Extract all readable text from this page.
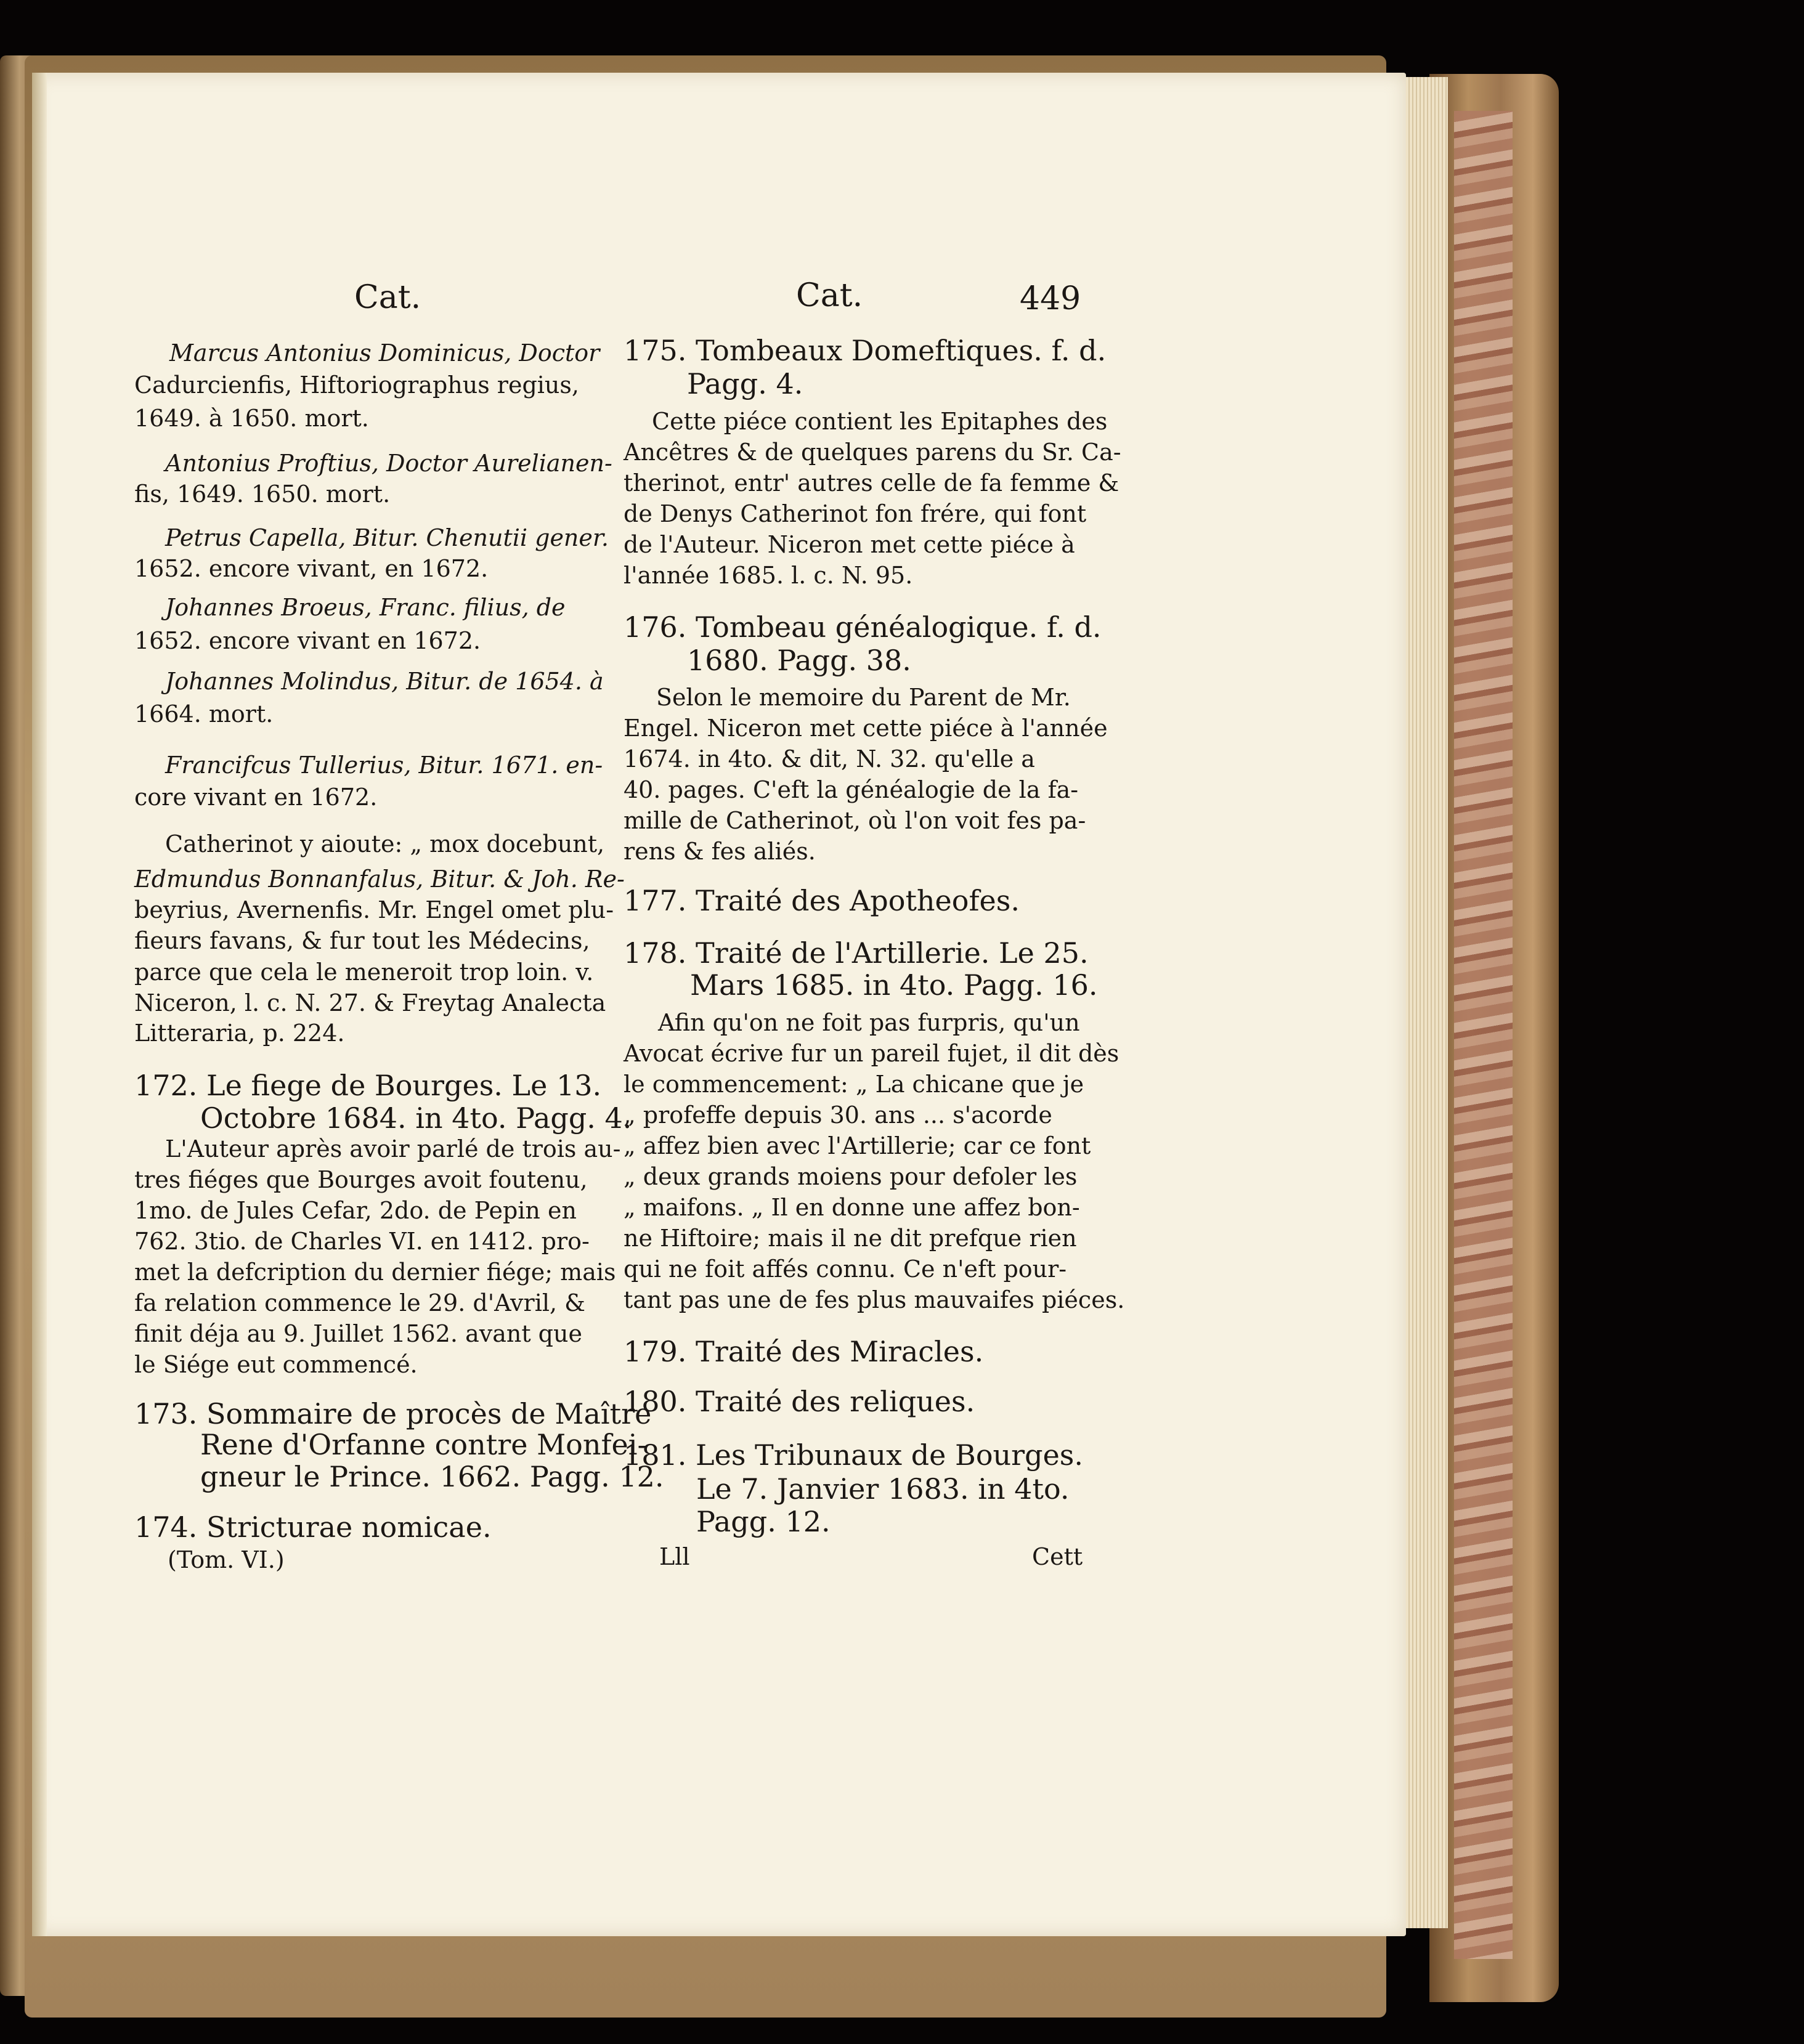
Cat.	Cat.	449
Marcus Antonius Dominicus, Doctor
Cadurcienfis, Hiftoriographus regius,
1649. à 1650. mort.
Antonius Proftius, Doctor Aurelianen-
fis, 1649. 1650. mort.
Petrus Capella, Bitur. Chenutii gener.
1652. encore vivant, en 1672.
Johannes Broeus, Franc. filius, de
1652. encore vivant en 1672.
Johannes Molindus, Bitur. de 1654. à
1664. mort.
Francifcus Tullerius, Bitur. 1671. en-
core vivant en 1672.
Catherinot y aioute: „ mox docebunt,
Edmundus Bonnanfalus, Bitur. & Joh. Re-
beyrius, Avernenfis. Mr. Engel omet plu-
fieurs favans, & fur tout les Médecins,
parce que cela le meneroit trop loin. v.
Niceron, l. c. N. 27. & Freytag Analecta
Litteraria, p. 224.
172. Le fiege de Bourges. Le 13.
Octobre 1684. in 4to. Pagg. 4.
L'Auteur après avoir parlé de trois au-
tres fiéges que Bourges avoit foutenu,
1mo. de Jules Cefar, 2do. de Pepin en
762. 3tio. de Charles VI. en 1412. pro-
met la defcription du dernier fiége; mais
fa relation commence le 29. d'Avril, &
finit déja au 9. Juillet 1562. avant que
le Siége eut commencé.
173. Sommaire de procès de Maître
Rene d'Orfanne contre Monfei-
gneur le Prince. 1662. Pagg. 12.
174. Stricturae nomicae.
(Tom. VI.)
175. Tombeaux Domeftiques. f. d.
Pagg. 4.
Cette piéce contient les Epitaphes des
Ancêtres & de quelques parens du Sr. Ca-
therinot, entr' autres celle de fa femme &
de Denys Catherinot fon frére, qui font
de l'Auteur. Niceron met cette piéce à
l'année 1685. l. c. N. 95.
176. Tombeau généalogique. f. d.
1680. Pagg. 38.
Selon le memoire du Parent de Mr.
Engel. Niceron met cette piéce à l'année
1674. in 4to. & dit, N. 32. qu'elle a
40. pages. C'eft la généalogie de la fa-
mille de Catherinot, où l'on voit fes pa-
rens & fes aliés.
177. Traité des Apotheofes.
178. Traité de l'Artillerie. Le 25.
Mars 1685. in 4to. Pagg. 16.
Afin qu'on ne foit pas furpris, qu'un
Avocat écrive fur un pareil fujet, il dit dès
le commencement: „ La chicane que je
„ profeffe depuis 30. ans ... s'acorde
„ affez bien avec l'Artillerie; car ce font
„ deux grands moiens pour defoler les
„ maifons. „ Il en donne une affez bon-
ne Hiftoire; mais il ne dit prefque rien
qui ne foit affés connu. Ce n'eft pour-
tant pas une de fes plus mauvaifes piéces.
179. Traité des Miracles.
180. Traité des reliques.
181. Les Tribunaux de Bourges.
Le 7. Janvier 1683. in 4to.
Pagg. 12.
Lll	Cett
